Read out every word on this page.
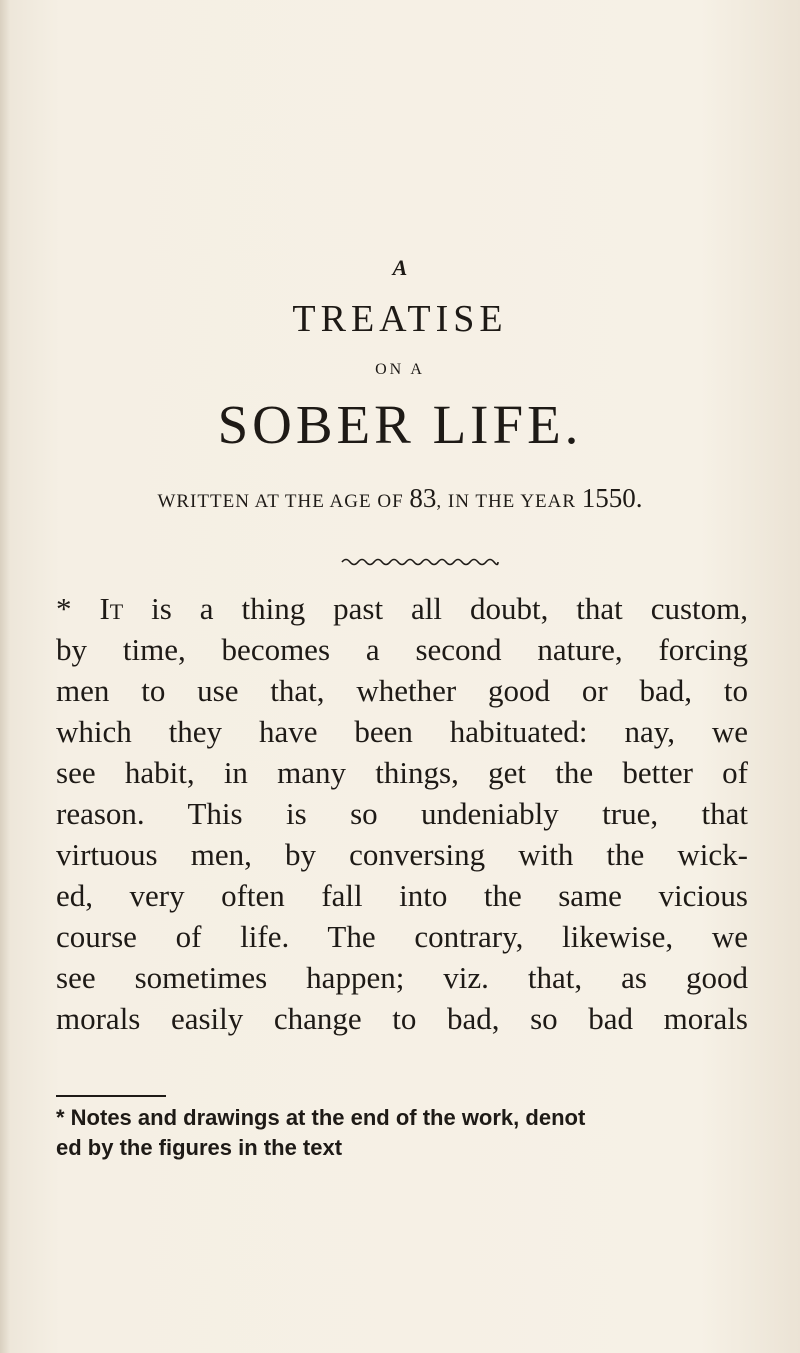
A
TREATISE
ON A
SOBER LIFE.
WRITTEN AT THE AGE OF 83, IN THE YEAR 1550.
* It is a thing past all doubt, that custom,
by time, becomes a second nature, forcing
men to use that, whether good or bad, to
which they have been habituated: nay, we
see habit, in many things, get the better of
reason. This is so undeniably true, that
virtuous men, by conversing with the wick-
ed, very often fall into the same vicious
course of life. The contrary, likewise, we
see sometimes happen; viz. that, as good
morals easily change to bad, so bad morals
* Notes and drawings at the end of the work, denot
ed by the figures in the text
